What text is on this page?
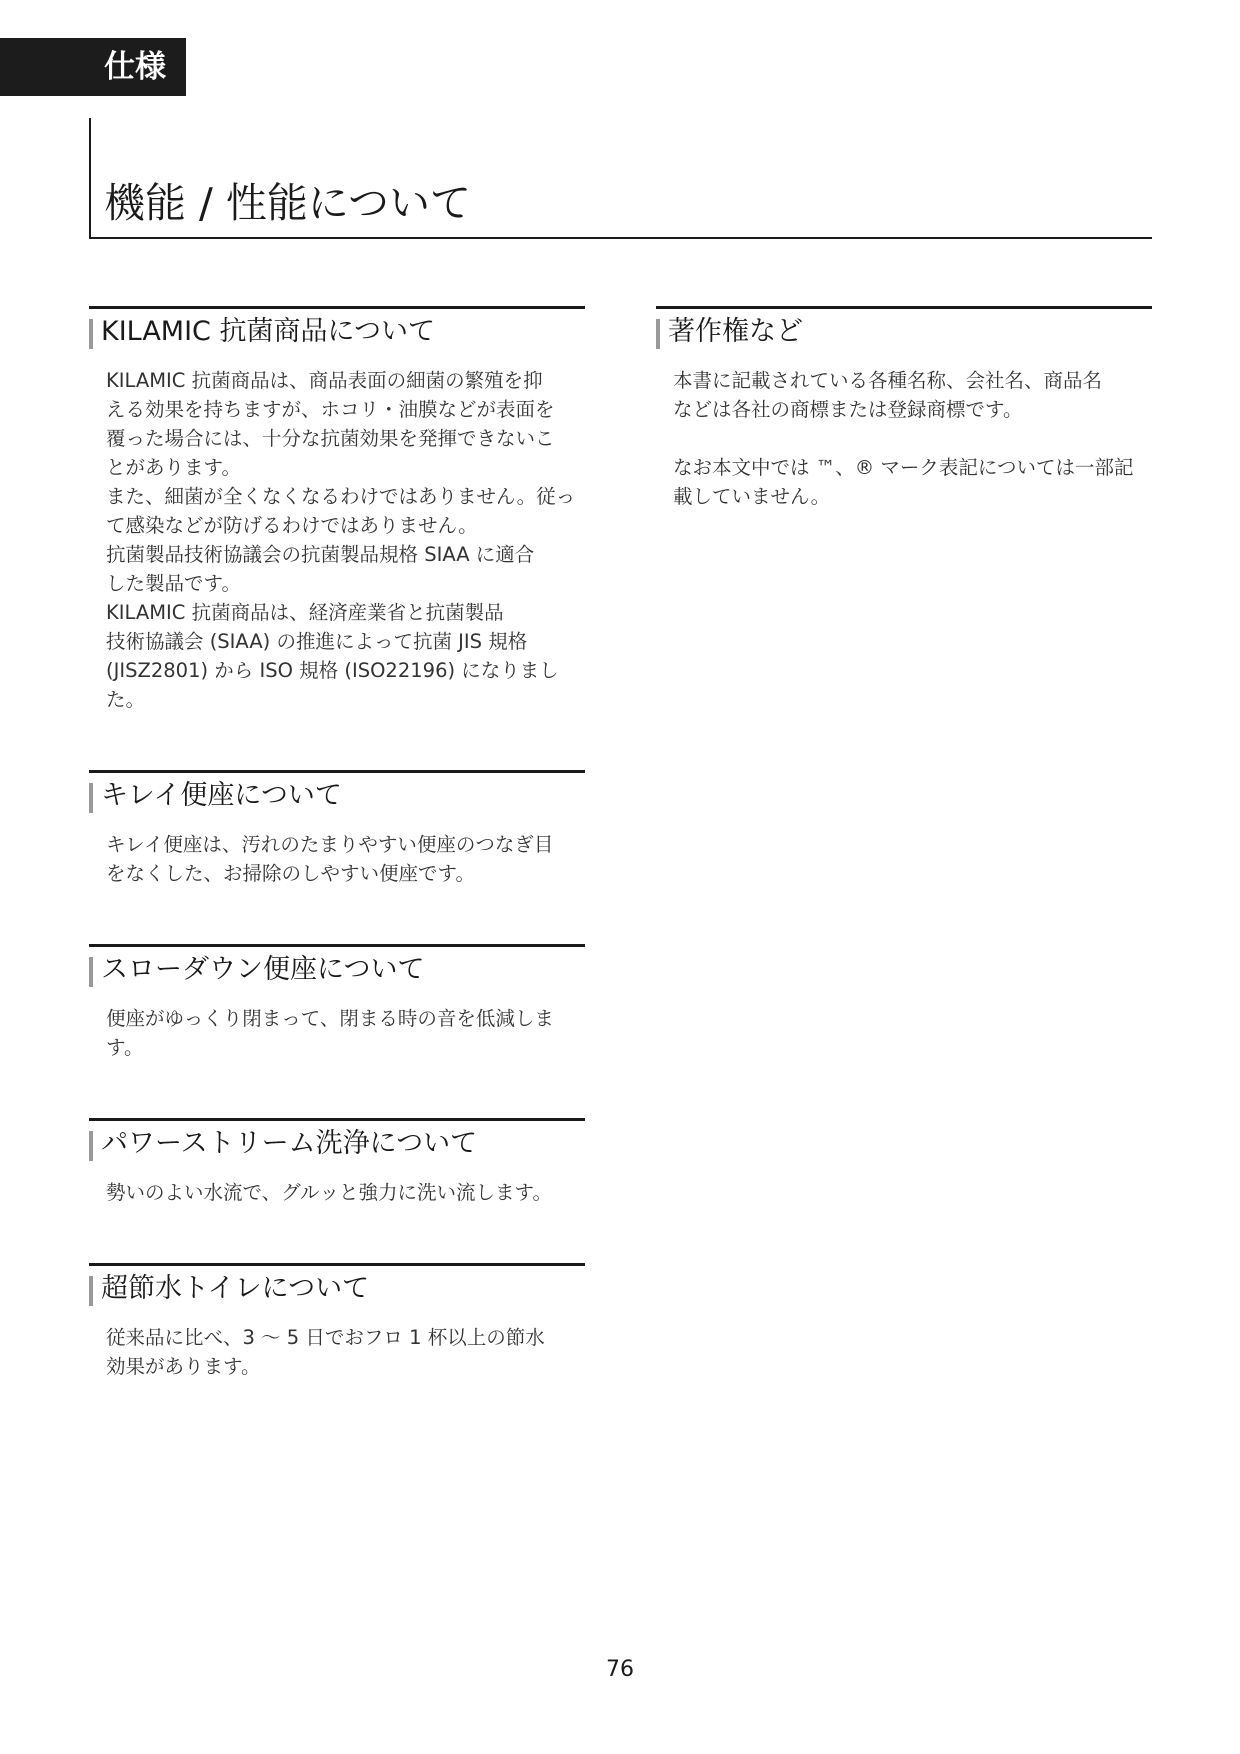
仕様
機能 / 性能について
KILAMIC 抗菌商品について

KILAMIC 抗菌商品は、商品表面の細菌の繁殖を抑

える効果を持ちますが、ホコリ・油膜などが表面を

覆った場合には、十分な抗菌効果を発揮できないこ

とがあります。

また、細菌が全くなくなるわけではありません。従っ

て感染などが防げるわけではありません。

抗菌製品技術協議会の抗菌製品規格 SIAA に適合

した製品です。

KILAMIC 抗菌商品は、経済産業省と抗菌製品

技術協議会 (SIAA) の推進によって抗菌 JIS 規格

(JISZ2801) から ISO 規格 (ISO22196) になりまし

た。

キレイ便座について

キレイ便座は、汚れのたまりやすい便座のつなぎ目

をなくした、お掃除のしやすい便座です。

スローダウン便座について

便座がゆっくり閉まって、閉まる時の音を低減しま

す。

パワーストリーム洗浄について

勢いのよい水流で、グルッと強力に洗い流します。

超節水トイレについて

従来品に比べ、3 〜 5 日でおフロ 1 杯以上の節水

効果があります。

著作権など

本書に記載されている各種名称、会社名、商品名

などは各社の商標または登録商標です。

なお本文中では ™、® マーク表記については一部記

載していません。

76
